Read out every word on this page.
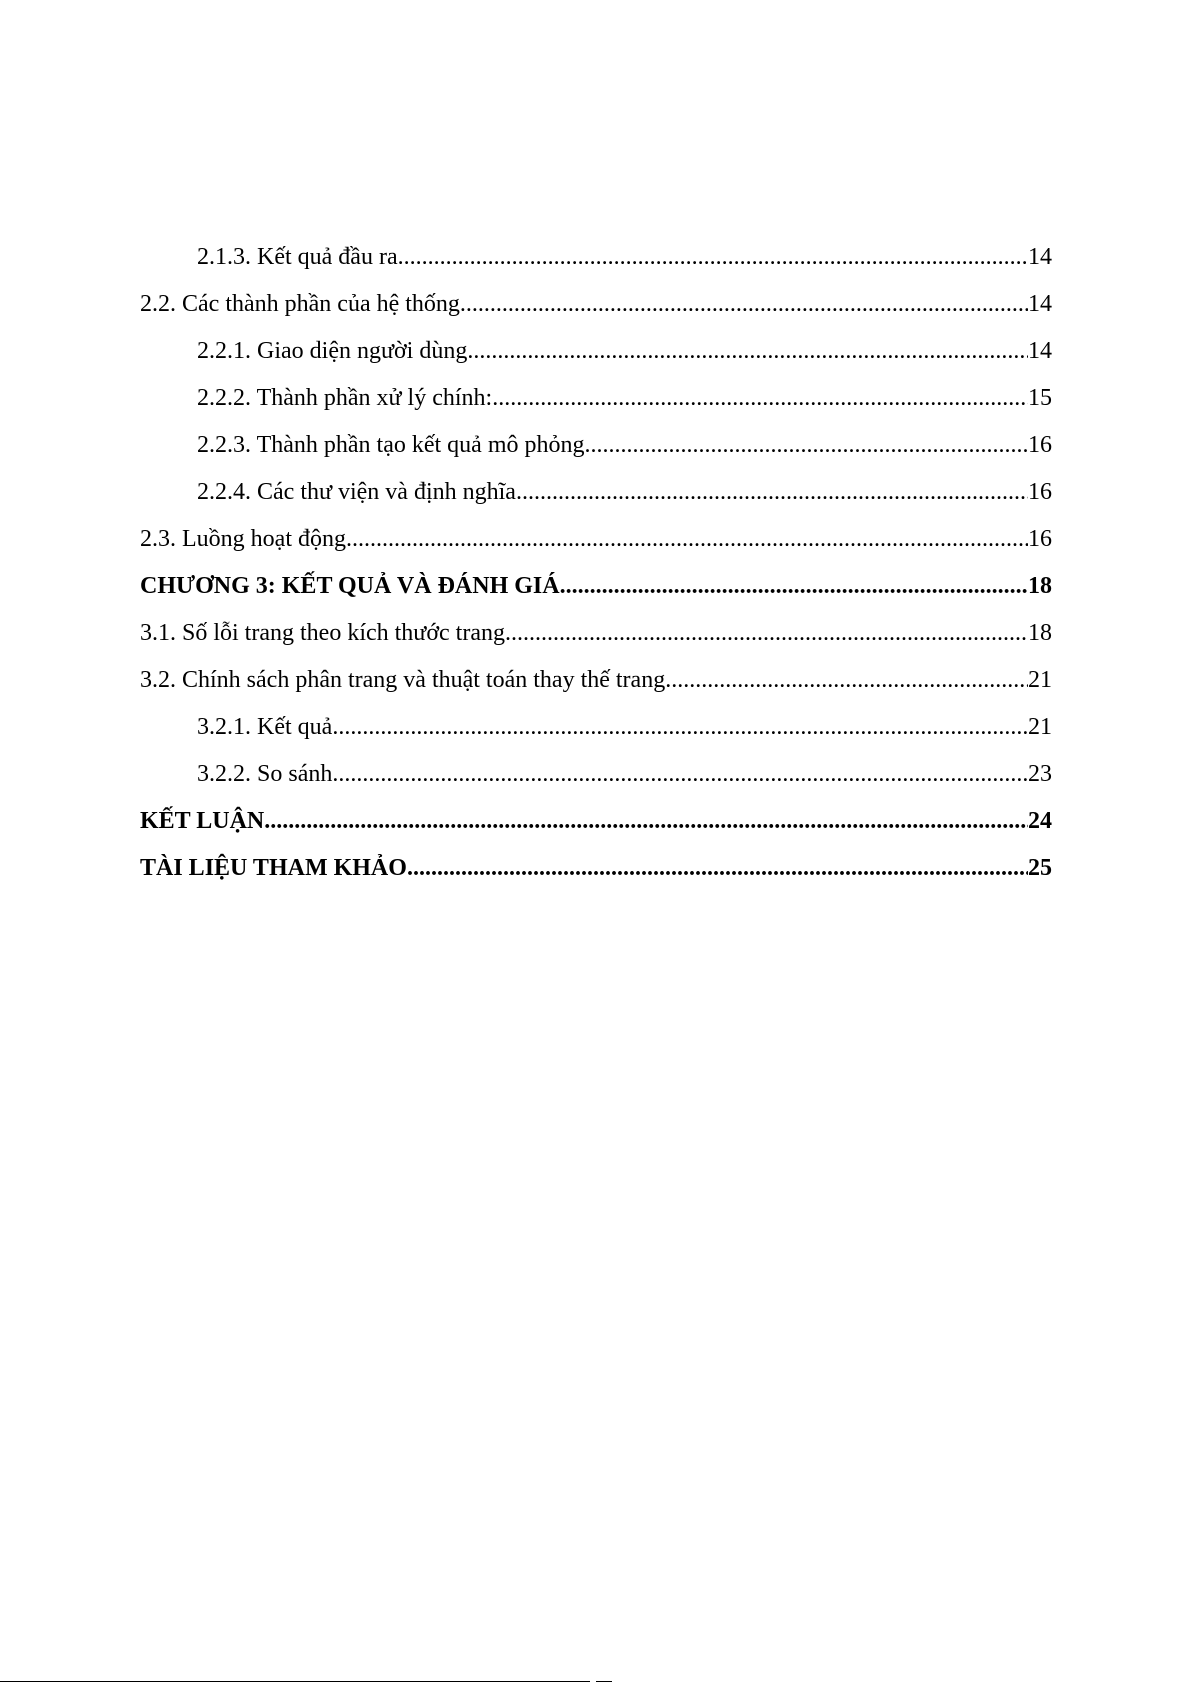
2.1.3. Kết quả đầu ra .....	14
2.2. Các thành phần của hệ thống .....	14
2.2.1. Giao diện người dùng .....	14
2.2.2. Thành phần xử lý chính: .....	15
2.2.3. Thành phần tạo kết quả mô phỏng .....	16
2.2.4. Các thư viện và định nghĩa .....	16
2.3. Luồng hoạt động .....	16
CHƯƠNG 3: KẾT QUẢ VÀ ĐÁNH GIÁ .....	18
3.1. Số lỗi trang theo kích thước trang .....	18
3.2. Chính sách phân trang và thuật toán thay thế trang .....	21
3.2.1. Kết quả .....	21
3.2.2. So sánh .....	23
KẾT LUẬN .....	24
TÀI LIỆU THAM KHẢO .....	25
